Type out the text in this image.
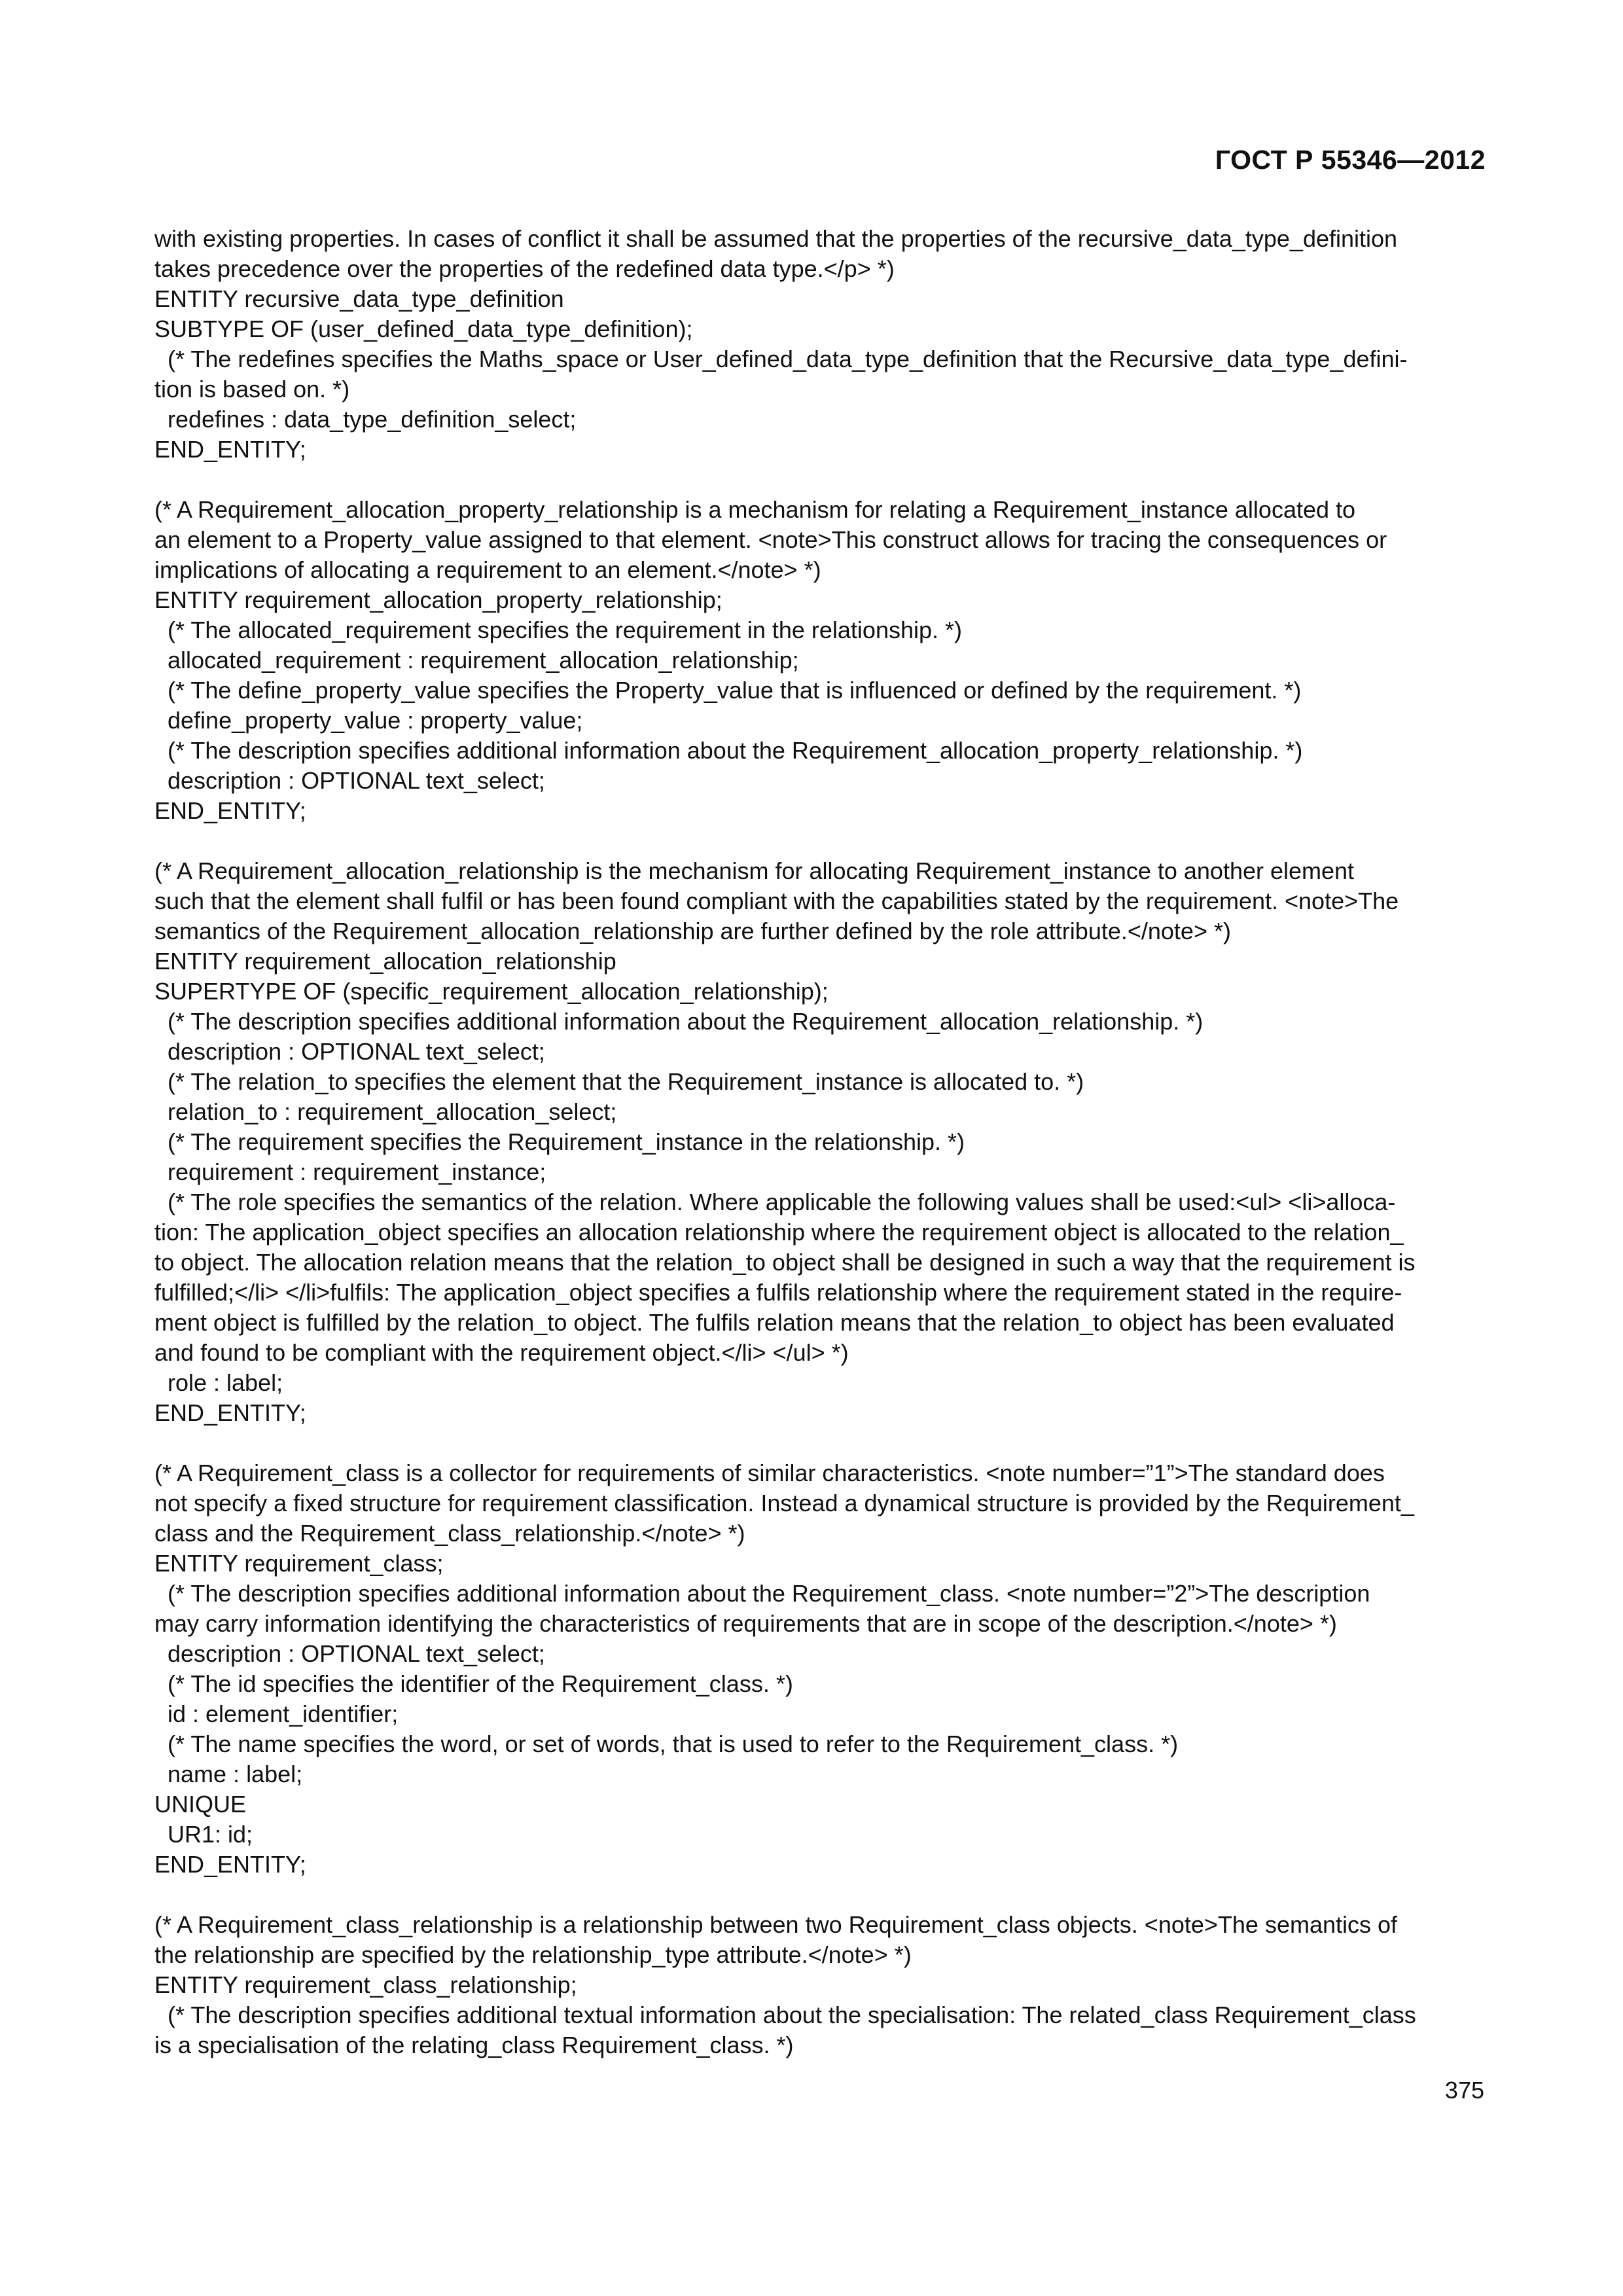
ГОСТ Р 55346—2012
with existing properties. In cases of conflict it shall be assumed that the properties of the recursive_data_type_definition
takes precedence over the properties of the redefined data type.</p> *)
ENTITY recursive_data_type_definition
SUBTYPE OF (user_defined_data_type_definition);
(* The redefines specifies the Maths_space or User_defined_data_type_definition that the Recursive_data_type_defini-
tion is based on. *)
redefines : data_type_definition_select;
END_ENTITY;
(* A Requirement_allocation_property_relationship is a mechanism for relating a Requirement_instance allocated to
an element to a Property_value assigned to that element. <note>This construct allows for tracing the consequences or
implications of allocating a requirement to an element.</note> *)
ENTITY requirement_allocation_property_relationship;
(* The allocated_requirement specifies the requirement in the relationship. *)
allocated_requirement : requirement_allocation_relationship;
(* The define_property_value specifies the Property_value that is influenced or defined by the requirement. *)
define_property_value : property_value;
(* The description specifies additional information about the Requirement_allocation_property_relationship. *)
description : OPTIONAL text_select;
END_ENTITY;
(* A Requirement_allocation_relationship is the mechanism for allocating Requirement_instance to another element
such that the element shall fulfil or has been found compliant with the capabilities stated by the requirement. <note>The
semantics of the Requirement_allocation_relationship are further defined by the role attribute.</note> *)
ENTITY requirement_allocation_relationship
SUPERTYPE OF (specific_requirement_allocation_relationship);
(* The description specifies additional information about the Requirement_allocation_relationship. *)
description : OPTIONAL text_select;
(* The relation_to specifies the element that the Requirement_instance is allocated to. *)
relation_to : requirement_allocation_select;
(* The requirement specifies the Requirement_instance in the relationship. *)
requirement : requirement_instance;
(* The role specifies the semantics of the relation. Where applicable the following values shall be used:<ul> <li>alloca-
tion: The application_object specifies an allocation relationship where the requirement object is allocated to the relation_
to object. The allocation relation means that the relation_to object shall be designed in such a way that the requirement is
fulfilled;</li> </li>fulfils: The application_object specifies a fulfils relationship where the requirement stated in the require-
ment object is fulfilled by the relation_to object. The fulfils relation means that the relation_to object has been evaluated
and found to be compliant with the requirement object.</li> </ul> *)
role : label;
END_ENTITY;
(* A Requirement_class is a collector for requirements of similar characteristics. <note number=”1”>The standard does
not specify a fixed structure for requirement classification. Instead a dynamical structure is provided by the Requirement_
class and the Requirement_class_relationship.</note> *)
ENTITY requirement_class;
(* The description specifies additional information about the Requirement_class. <note number=”2”>The description
may carry information identifying the characteristics of requirements that are in scope of the description.</note> *)
description : OPTIONAL text_select;
(* The id specifies the identifier of the Requirement_class. *)
id : element_identifier;
(* The name specifies the word, or set of words, that is used to refer to the Requirement_class. *)
name : label;
UNIQUE
UR1: id;
END_ENTITY;
(* A Requirement_class_relationship is a relationship between two Requirement_class objects. <note>The semantics of
the relationship are specified by the relationship_type attribute.</note> *)
ENTITY requirement_class_relationship;
(* The description specifies additional textual information about the specialisation: The related_class Requirement_class
is a specialisation of the relating_class Requirement_class. *)
375
